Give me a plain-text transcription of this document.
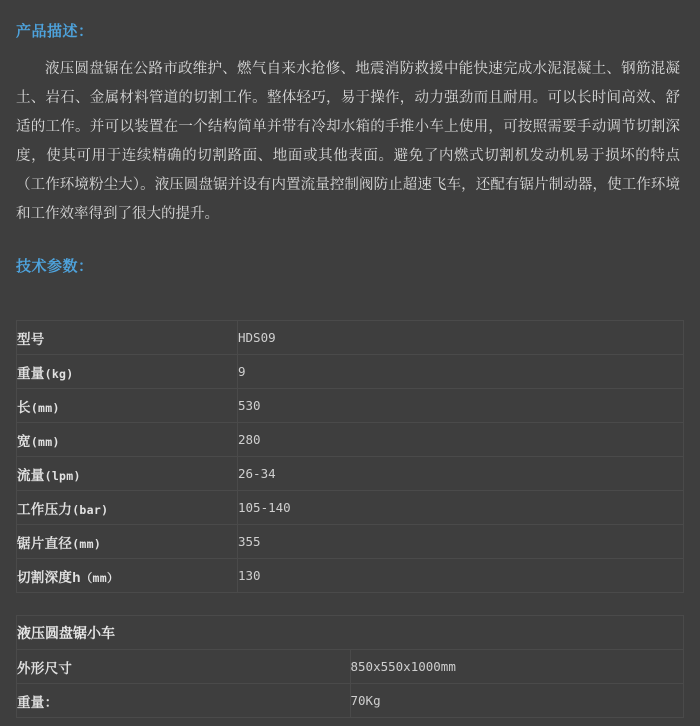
产品描述：
液压圆盘锯在公路市政维护、燃气自来水抢修、地震消防救援中能快速完成水泥混凝土、钢筋混凝土、岩石、金属材料管道的切割工作。整体轻巧，易于操作，动力强劲而且耐用。可以长时间高效、舒适的工作。并可以装置在一个结构简单并带有冷却水箱的手推小车上使用，可按照需要手动调节切割深度，使其可用于连续精确的切割路面、地面或其他表面。避免了内燃式切割机发动机易于损坏的特点（工作环境粉尘大）。液压圆盘锯并设有内置流量控制阀防止超速飞车，还配有锯片制动器，使工作环境和工作效率得到了很大的提升。
技术参数：
型号	HDS09
重量(kg)	9
长(mm)	530
宽(mm)	280
流量(lpm)	26-34
工作压力(bar)	105-140
锯片直径(mm)	355
切割深度h（mm）	130
液压圆盘锯小车	
外形尺寸	850x550x1000mm
重量：	70Kg
